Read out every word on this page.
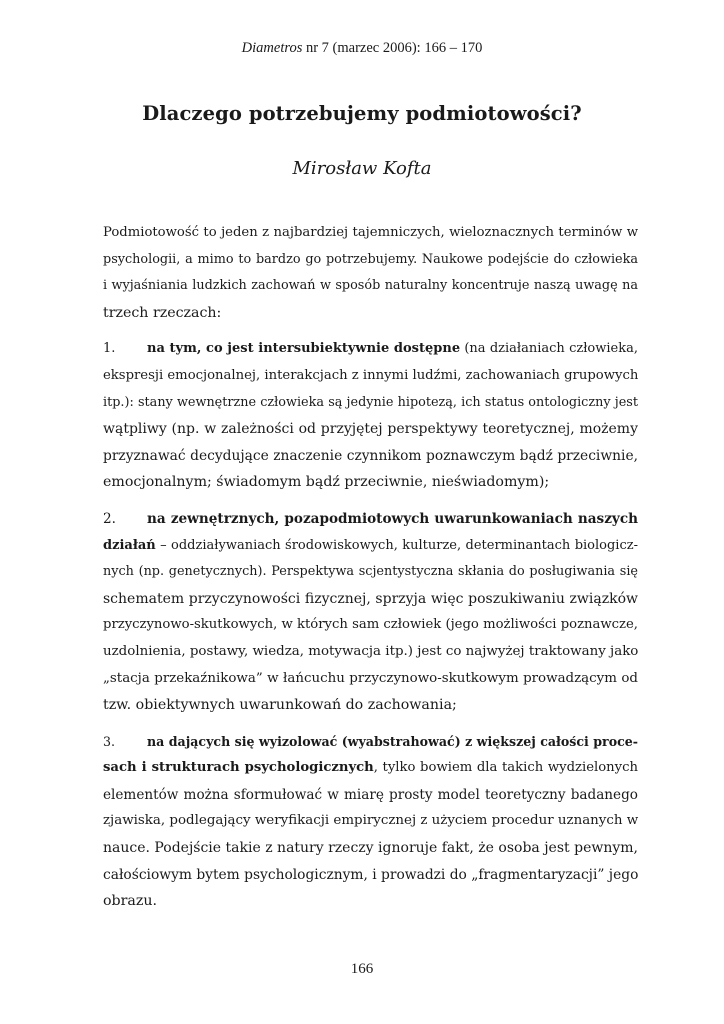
Diametros nr 7 (marzec 2006): 166 – 170
Dlaczego potrzebujemy podmiotowości?
Mirosław Kofta
Podmiotowość to jeden z najbardziej tajemniczych, wieloznacznych terminów w
psychologii, a mimo to bardzo go potrzebujemy. Naukowe podejście do człowieka
i wyjaśniania ludzkich zachowań w sposób naturalny koncentruje naszą uwagę na
trzech rzeczach:
1. na tym, co jest intersubiektywnie dostępne (na działaniach człowieka,
ekspresji emocjonalnej, interakcjach z innymi ludźmi, zachowaniach grupowych
itp.): stany wewnętrzne człowieka są jedynie hipotezą, ich status ontologiczny jest
wątpliwy (np. w zależności od przyjętej perspektywy teoretycznej, możemy
przyznawać decydujące znaczenie czynnikom poznawczym bądź przeciwnie,
emocjonalnym; świadomym bądź przeciwnie, nieświadomym);
2. na zewnętrznych, pozapodmiotowych uwarunkowaniach naszych
działań – oddziaływaniach środowiskowych, kulturze, determinantach biologicz-
nych (np. genetycznych). Perspektywa scjentystyczna skłania do posługiwania się
schematem przyczynowości fizycznej, sprzyja więc poszukiwaniu związków
przyczynowo-skutkowych, w których sam człowiek (jego możliwości poznawcze,
uzdolnienia, postawy, wiedza, motywacja itp.) jest co najwyżej traktowany jako
„stacja przekaźnikowa” w łańcuchu przyczynowo-skutkowym prowadzącym od
tzw. obiektywnych uwarunkowań do zachowania;
3.	na dających się wyizolować (wyabstrahować) z większej całości proce-
sach i strukturach psychologicznych, tylko bowiem dla takich wydzielonych
elementów można sformułować w miarę prosty model teoretyczny badanego
zjawiska, podlegający weryfikacji empirycznej z użyciem procedur uznanych w
nauce. Podejście takie z natury rzeczy ignoruje fakt, że osoba jest pewnym,
całościowym bytem psychologicznym, i prowadzi do „fragmentaryzacji” jego
obrazu.
166
